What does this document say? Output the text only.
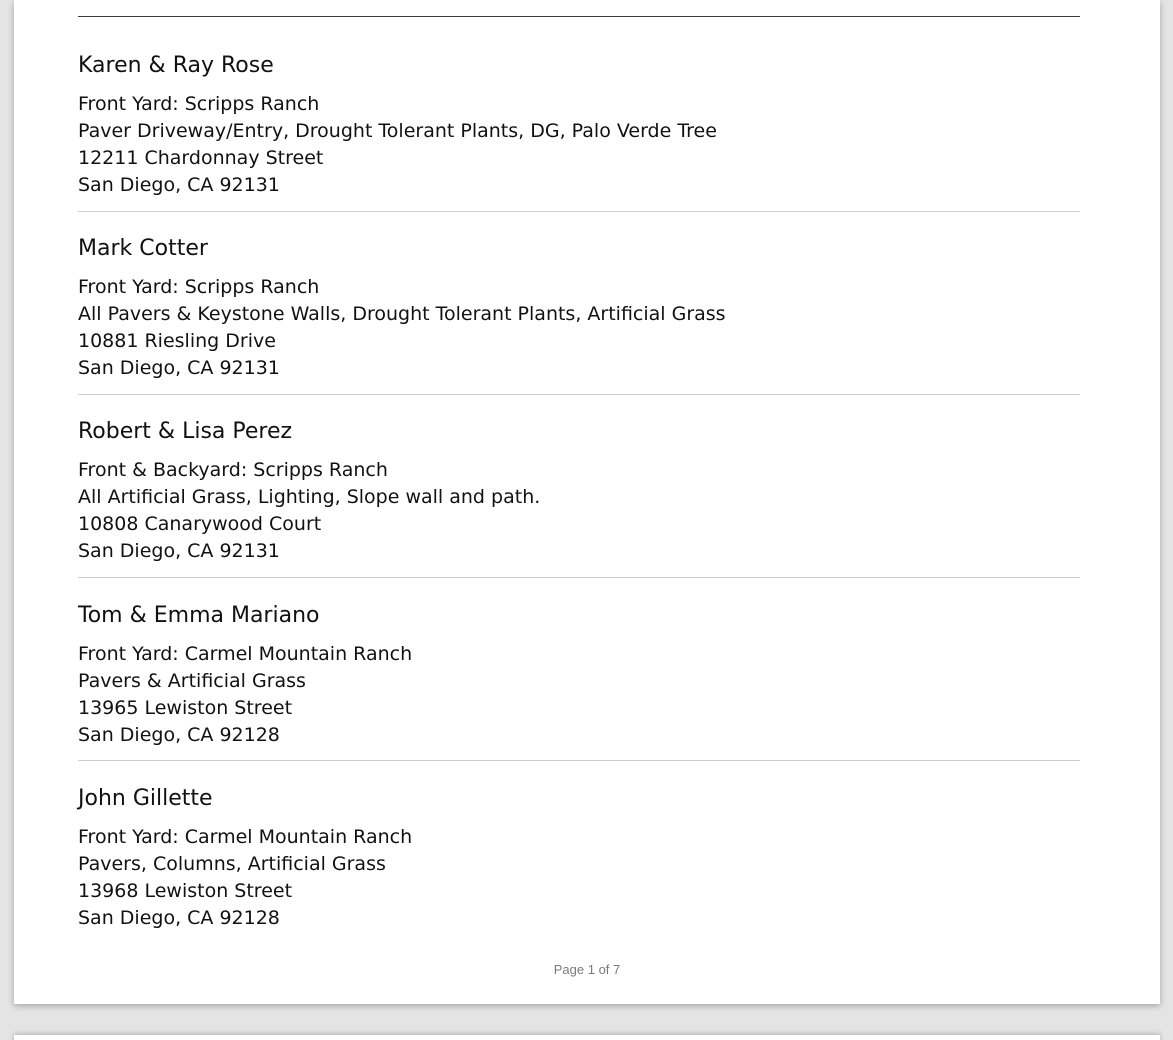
Karen & Ray Rose
Front Yard: Scripps Ranch
Paver Driveway/Entry, Drought Tolerant Plants, DG, Palo Verde Tree
12211 Chardonnay Street
San Diego, CA 92131
Mark Cotter
Front Yard: Scripps Ranch
All Pavers & Keystone Walls, Drought Tolerant Plants, Artificial Grass
10881 Riesling Drive
San Diego, CA 92131
Robert & Lisa Perez
Front & Backyard: Scripps Ranch
All Artificial Grass, Lighting, Slope wall and path.
10808 Canarywood Court
San Diego, CA 92131
Tom & Emma Mariano
Front Yard: Carmel Mountain Ranch
Pavers & Artificial Grass
13965 Lewiston Street
San Diego, CA 92128
John Gillette
Front Yard: Carmel Mountain Ranch
Pavers, Columns, Artificial Grass
13968 Lewiston Street
San Diego, CA 92128
Page 1 of 7
